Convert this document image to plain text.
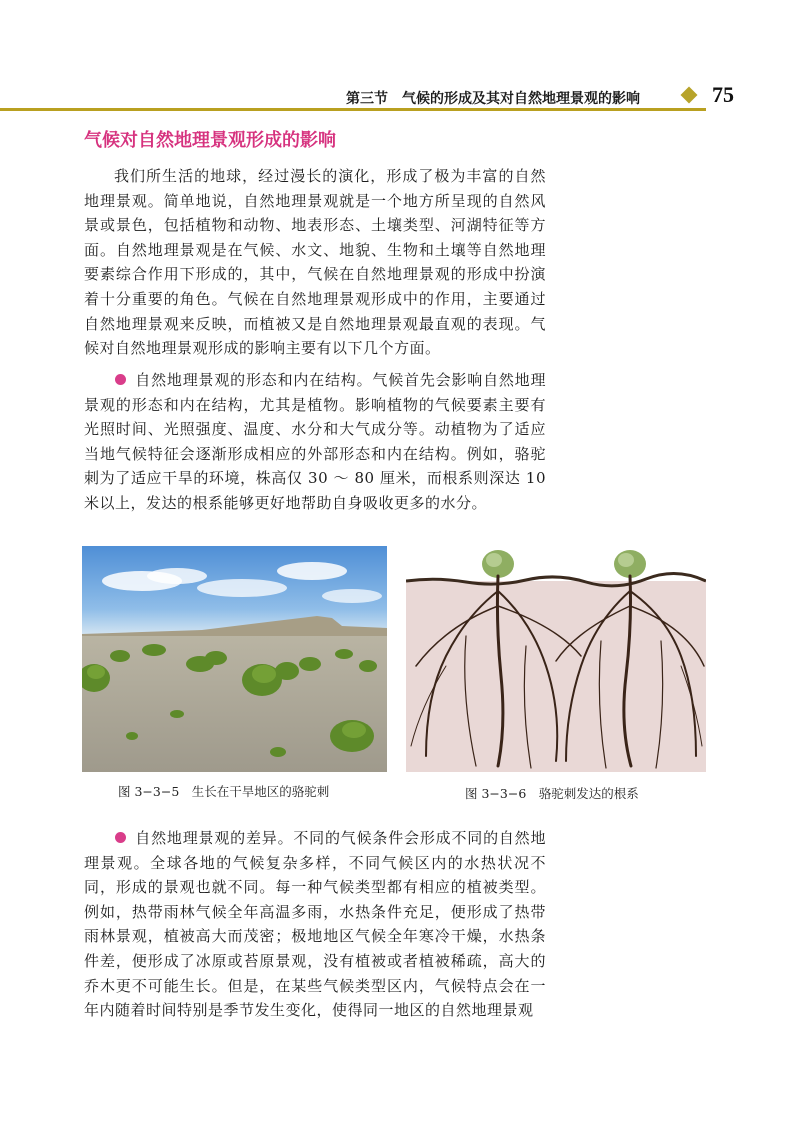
第三节　气候的形成及其对自然地理景观的影响	75
气候对自然地理景观形成的影响

我们所生活的地球，经过漫长的演化，形成了极为丰富的自然地理景观。简单地说，自然地理景观就是一个地方所呈现的自然风景或景色，包括植物和动物、地表形态、土壤类型、河湖特征等方面。自然地理景观是在气候、水文、地貌、生物和土壤等自然地理要素综合作用下形成的，其中，气候在自然地理景观的形成中扮演着十分重要的角色。气候在自然地理景观形成中的作用，主要通过自然地理景观来反映，而植被又是自然地理景观最直观的表现。气候对自然地理景观形成的影响主要有以下几个方面。

自然地理景观的形态和内在结构。气候首先会影响自然地理景观的形态和内在结构，尤其是植物。影响植物的气候要素主要有光照时间、光照强度、温度、水分和大气成分等。动植物为了适应当地气候特征会逐渐形成相应的外部形态和内在结构。例如，骆驼刺为了适应干旱的环境，株高仅 30 ～ 80 厘米，而根系则深达 10 米以上，发达的根系能够更好地帮助自身吸收更多的水分。

图 3−3−5　生长在干旱地区的骆驼刺	图 3−3−6　骆驼刺发达的根系

自然地理景观的差异。不同的气候条件会形成不同的自然地理景观。全球各地的气候复杂多样，不同气候区内的水热状况不同，形成的景观也就不同。每一种气候类型都有相应的植被类型。例如，热带雨林气候全年高温多雨，水热条件充足，便形成了热带雨林景观，植被高大而茂密；极地地区气候全年寒冷干燥，水热条件差，便形成了冰原或苔原景观，没有植被或者植被稀疏，高大的乔木更不可能生长。但是，在某些气候类型区内，气候特点会在一年内随着时间特别是季节发生变化，使得同一地区的自然地理景观
